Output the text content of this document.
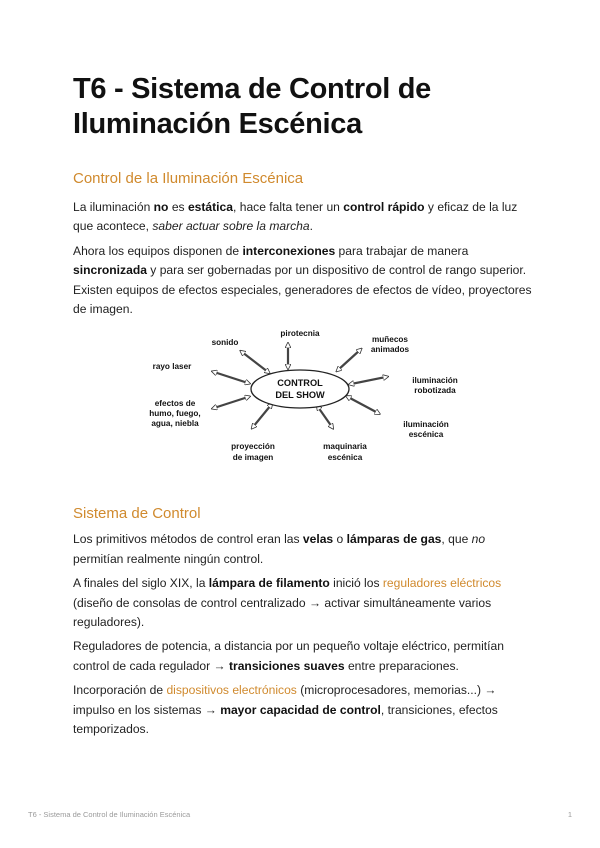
T6 - Sistema de Control de
Iluminación Escénica
Control de la Iluminación Escénica

La iluminación no es estática, hace falta tener un control rápido y eficaz de la luz que acontece, saber actuar sobre la marcha.

Ahora los equipos disponen de interconexiones para trabajar de manera sincronizada y para ser gobernadas por un dispositivo de control de rango superior. Existen equipos de efectos especiales, generadores de efectos de vídeo, proyectores de imagen.

Sistema de Control

Los primitivos métodos de control eran las velas o lámparas de gas, que no permitían realmente ningún control.

A finales del siglo XIX, la lámpara de filamento inició los reguladores eléctricos (diseño de consolas de control centralizado → activar simultáneamente varios reguladores).

Reguladores de potencia, a distancia por un pequeño voltaje eléctrico, permitían control de cada regulador → transiciones suaves entre preparaciones.

Incorporación de dispositivos electrónicos (microprocesadores, memorias...) → impulso en los sistemas → mayor capacidad de control, transiciones, efectos temporizados.

CONTROL
DEL SHOW
pirotecnia
sonido	muñecos
animados
rayo laser
iluminación
robotizada
efectos de
humo, fuego,
agua, niebla	iluminación
escénica
proyección
de imagen
maquinaria
escénica
T6 - Sistema de Control de Iluminación Escénica	1
